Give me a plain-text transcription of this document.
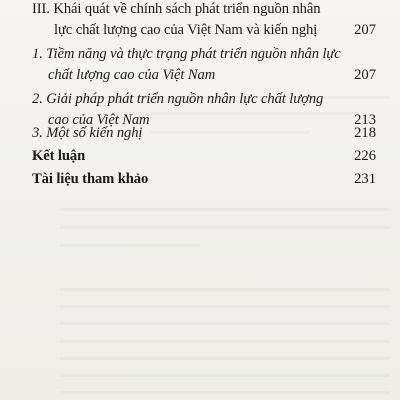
III. Khái quát về chính sách phát triển nguồn nhân
lực chất lượng cao của Việt Nam và kiến nghị	207
1. Tiềm năng và thực trạng phát triển nguồn nhân lực
chất lượng cao của Việt Nam	207
2. Giải pháp phát triển nguồn nhân lực chất lượng
cao của Việt Nam	213
3. Một số kiến nghị	218
Kết luận	226
Tài liệu tham khảo	231
